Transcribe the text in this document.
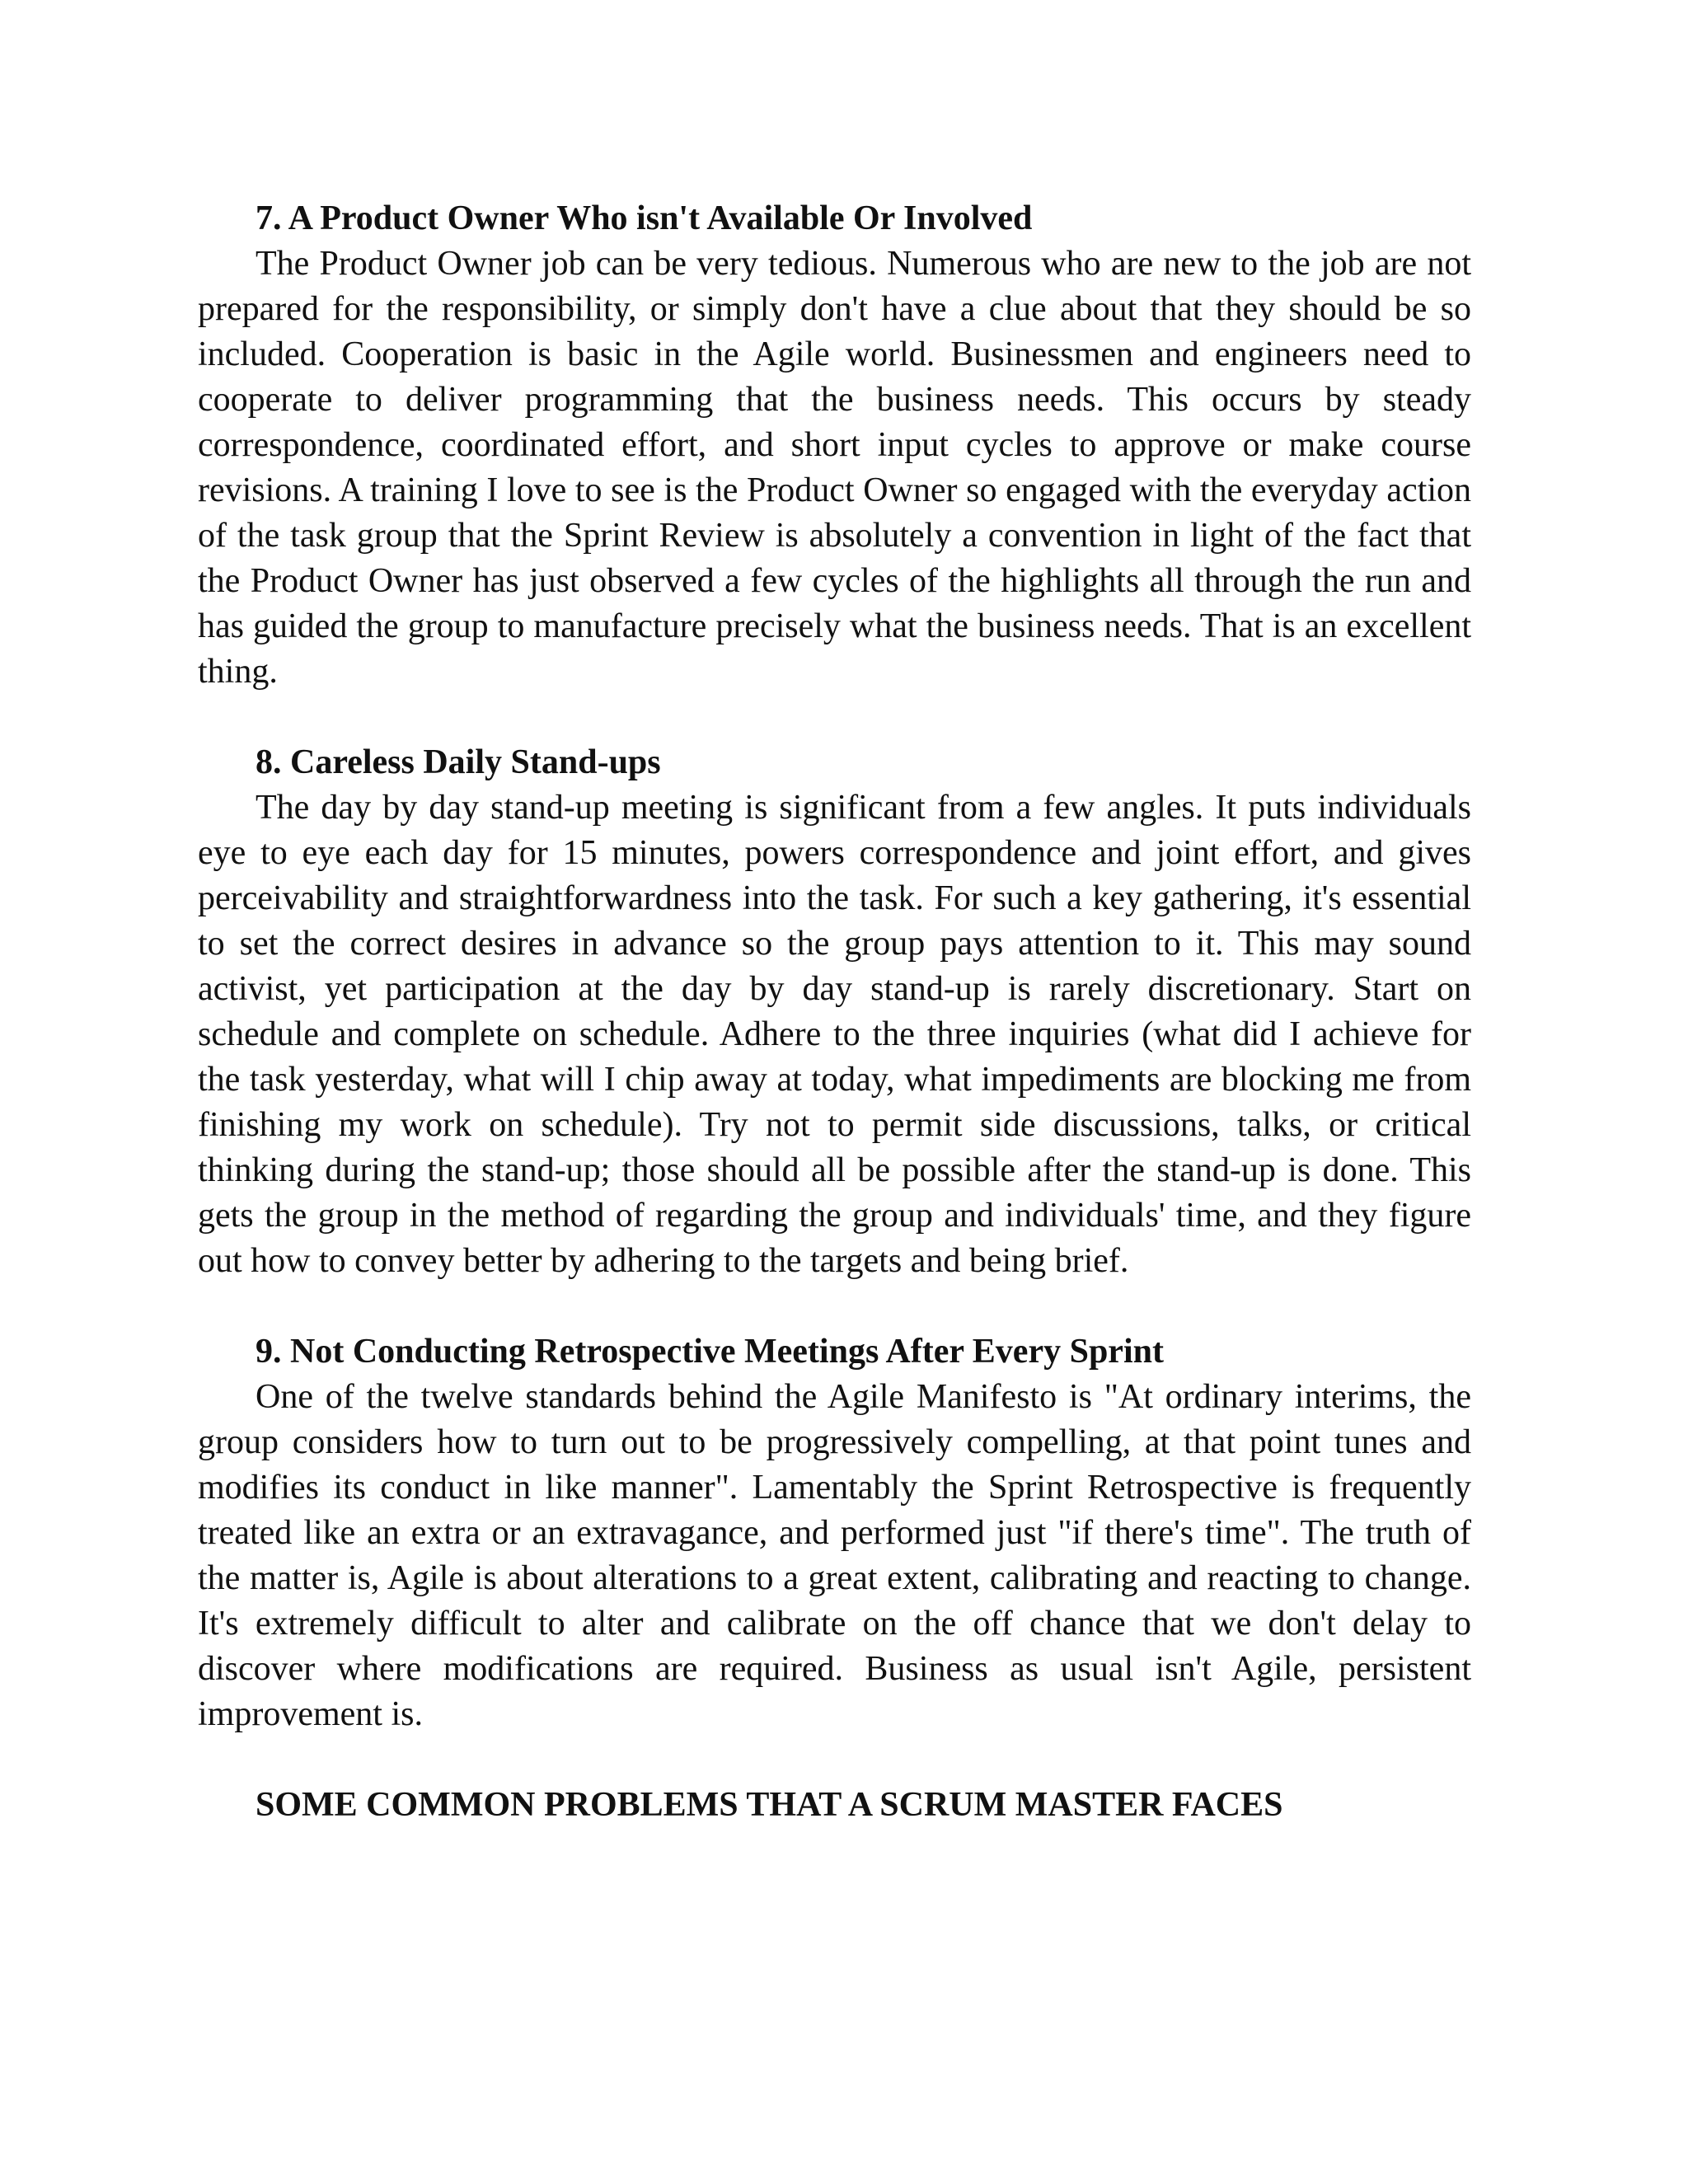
7. A Product Owner Who isn't Available Or Involved

The Product Owner job can be very tedious. Numerous who are new to the job are not prepared for the responsibility, or simply don't have a clue about that they should be so included. Cooperation is basic in the Agile world. Businessmen and engineers need to cooperate to deliver programming that the business needs. This occurs by steady correspondence, coordinated effort, and short input cycles to approve or make course revisions. A training I love to see is the Product Owner so engaged with the everyday action of the task group that the Sprint Review is absolutely a convention in light of the fact that the Product Owner has just observed a few cycles of the highlights all through the run and has guided the group to manufacture precisely what the business needs. That is an excellent thing.

8. Careless Daily Stand-ups

The day by day stand-up meeting is significant from a few angles. It puts individuals eye to eye each day for 15 minutes, powers correspondence and joint effort, and gives perceivability and straightforwardness into the task. For such a key gathering, it's essential to set the correct desires in advance so the group pays attention to it. This may sound activist, yet participation at the day by day stand-up is rarely discretionary. Start on schedule and complete on schedule. Adhere to the three inquiries (what did I achieve for the task yesterday, what will I chip away at today, what impediments are blocking me from finishing my work on schedule). Try not to permit side discussions, talks, or critical thinking during the stand-up; those should all be possible after the stand-up is done. This gets the group in the method of regarding the group and individuals' time, and they figure out how to convey better by adhering to the targets and being brief.

9. Not Conducting Retrospective Meetings After Every Sprint

One of the twelve standards behind the Agile Manifesto is "At ordinary interims, the group considers how to turn out to be progressively compelling, at that point tunes and modifies its conduct in like manner". Lamentably the Sprint Retrospective is frequently treated like an extra or an extravagance, and performed just "if there's time". The truth of the matter is, Agile is about alterations to a great extent, calibrating and reacting to change. It's extremely difficult to alter and calibrate on the off chance that we don't delay to discover where modifications are required. Business as usual isn't Agile, persistent improvement is.

SOME COMMON PROBLEMS THAT A SCRUM MASTER FACES
